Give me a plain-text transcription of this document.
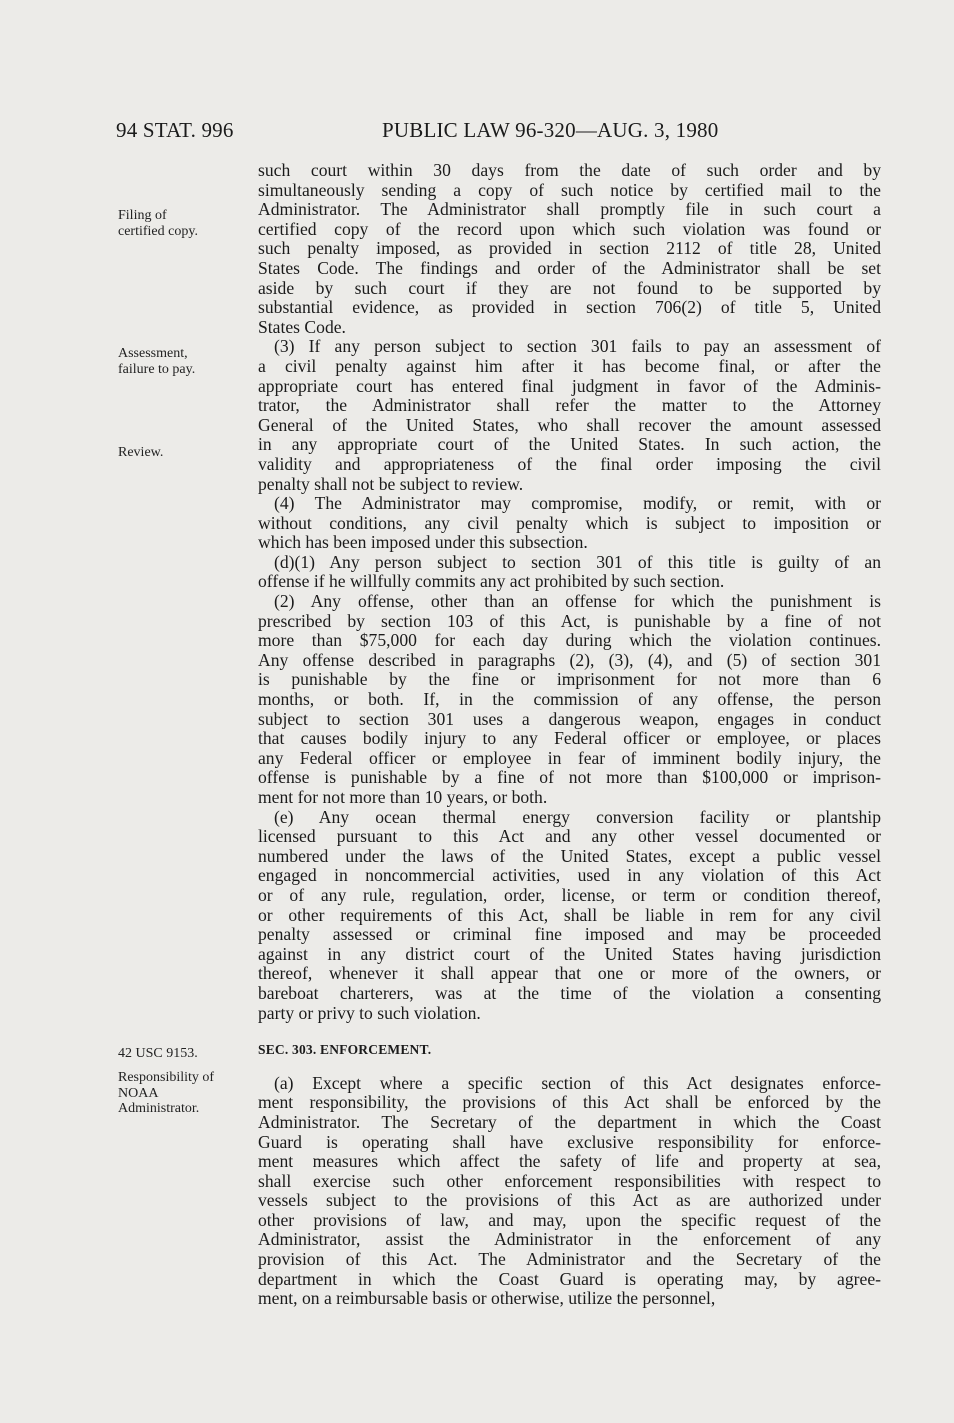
94 STAT. 996	PUBLIC LAW 96-320—AUG. 3, 1980
Filing of
certified copy.
Assessment,
failure to pay.
Review.
42 USC 9153.
Responsibility of
NOAA
Administrator.

such court within 30 days from the date of such order and by
simultaneously sending a copy of such notice by certified mail to the
Administrator. The Administrator shall promptly file in such court a
certified copy of the record upon which such violation was found or
such penalty imposed, as provided in section 2112 of title 28, United
States Code. The findings and order of the Administrator shall be set
aside by such court if they are not found to be supported by
substantial evidence, as provided in section 706(2) of title 5, United
States Code.

(3) If any person subject to section 301 fails to pay an assessment of
a civil penalty against him after it has become final, or after the
appropriate court has entered final judgment in favor of the Adminis-
trator, the Administrator shall refer the matter to the Attorney
General of the United States, who shall recover the amount assessed
in any appropriate court of the United States. In such action, the
validity and appropriateness of the final order imposing the civil
penalty shall not be subject to review.

(4) The Administrator may compromise, modify, or remit, with or
without conditions, any civil penalty which is subject to imposition or
which has been imposed under this subsection.

(d)(1) Any person subject to section 301 of this title is guilty of an
offense if he willfully commits any act prohibited by such section.

(2) Any offense, other than an offense for which the punishment is
prescribed by section 103 of this Act, is punishable by a fine of not
more than $75,000 for each day during which the violation continues.
Any offense described in paragraphs (2), (3), (4), and (5) of section 301
is punishable by the fine or imprisonment for not more than 6
months, or both. If, in the commission of any offense, the person
subject to section 301 uses a dangerous weapon, engages in conduct
that causes bodily injury to any Federal officer or employee, or places
any Federal officer or employee in fear of imminent bodily injury, the
offense is punishable by a fine of not more than $100,000 or imprison-
ment for not more than 10 years, or both.

(e) Any ocean thermal energy conversion facility or plantship
licensed pursuant to this Act and any other vessel documented or
numbered under the laws of the United States, except a public vessel
engaged in noncommercial activities, used in any violation of this Act
or of any rule, regulation, order, license, or term or condition thereof,
or other requirements of this Act, shall be liable in rem for any civil
penalty assessed or criminal fine imposed and may be proceeded
against in any district court of the United States having jurisdiction
thereof, whenever it shall appear that one or more of the owners, or
bareboat charterers, was at the time of the violation a consenting
party or privy to such violation.

SEC. 303. ENFORCEMENT.

(a) Except where a specific section of this Act designates enforce-
ment responsibility, the provisions of this Act shall be enforced by the
Administrator. The Secretary of the department in which the Coast
Guard is operating shall have exclusive responsibility for enforce-
ment measures which affect the safety of life and property at sea,
shall exercise such other enforcement responsibilities with respect to
vessels subject to the provisions of this Act as are authorized under
other provisions of law, and may, upon the specific request of the
Administrator, assist the Administrator in the enforcement of any
provision of this Act. The Administrator and the Secretary of the
department in which the Coast Guard is operating may, by agree-
ment, on a reimbursable basis or otherwise, utilize the personnel,
